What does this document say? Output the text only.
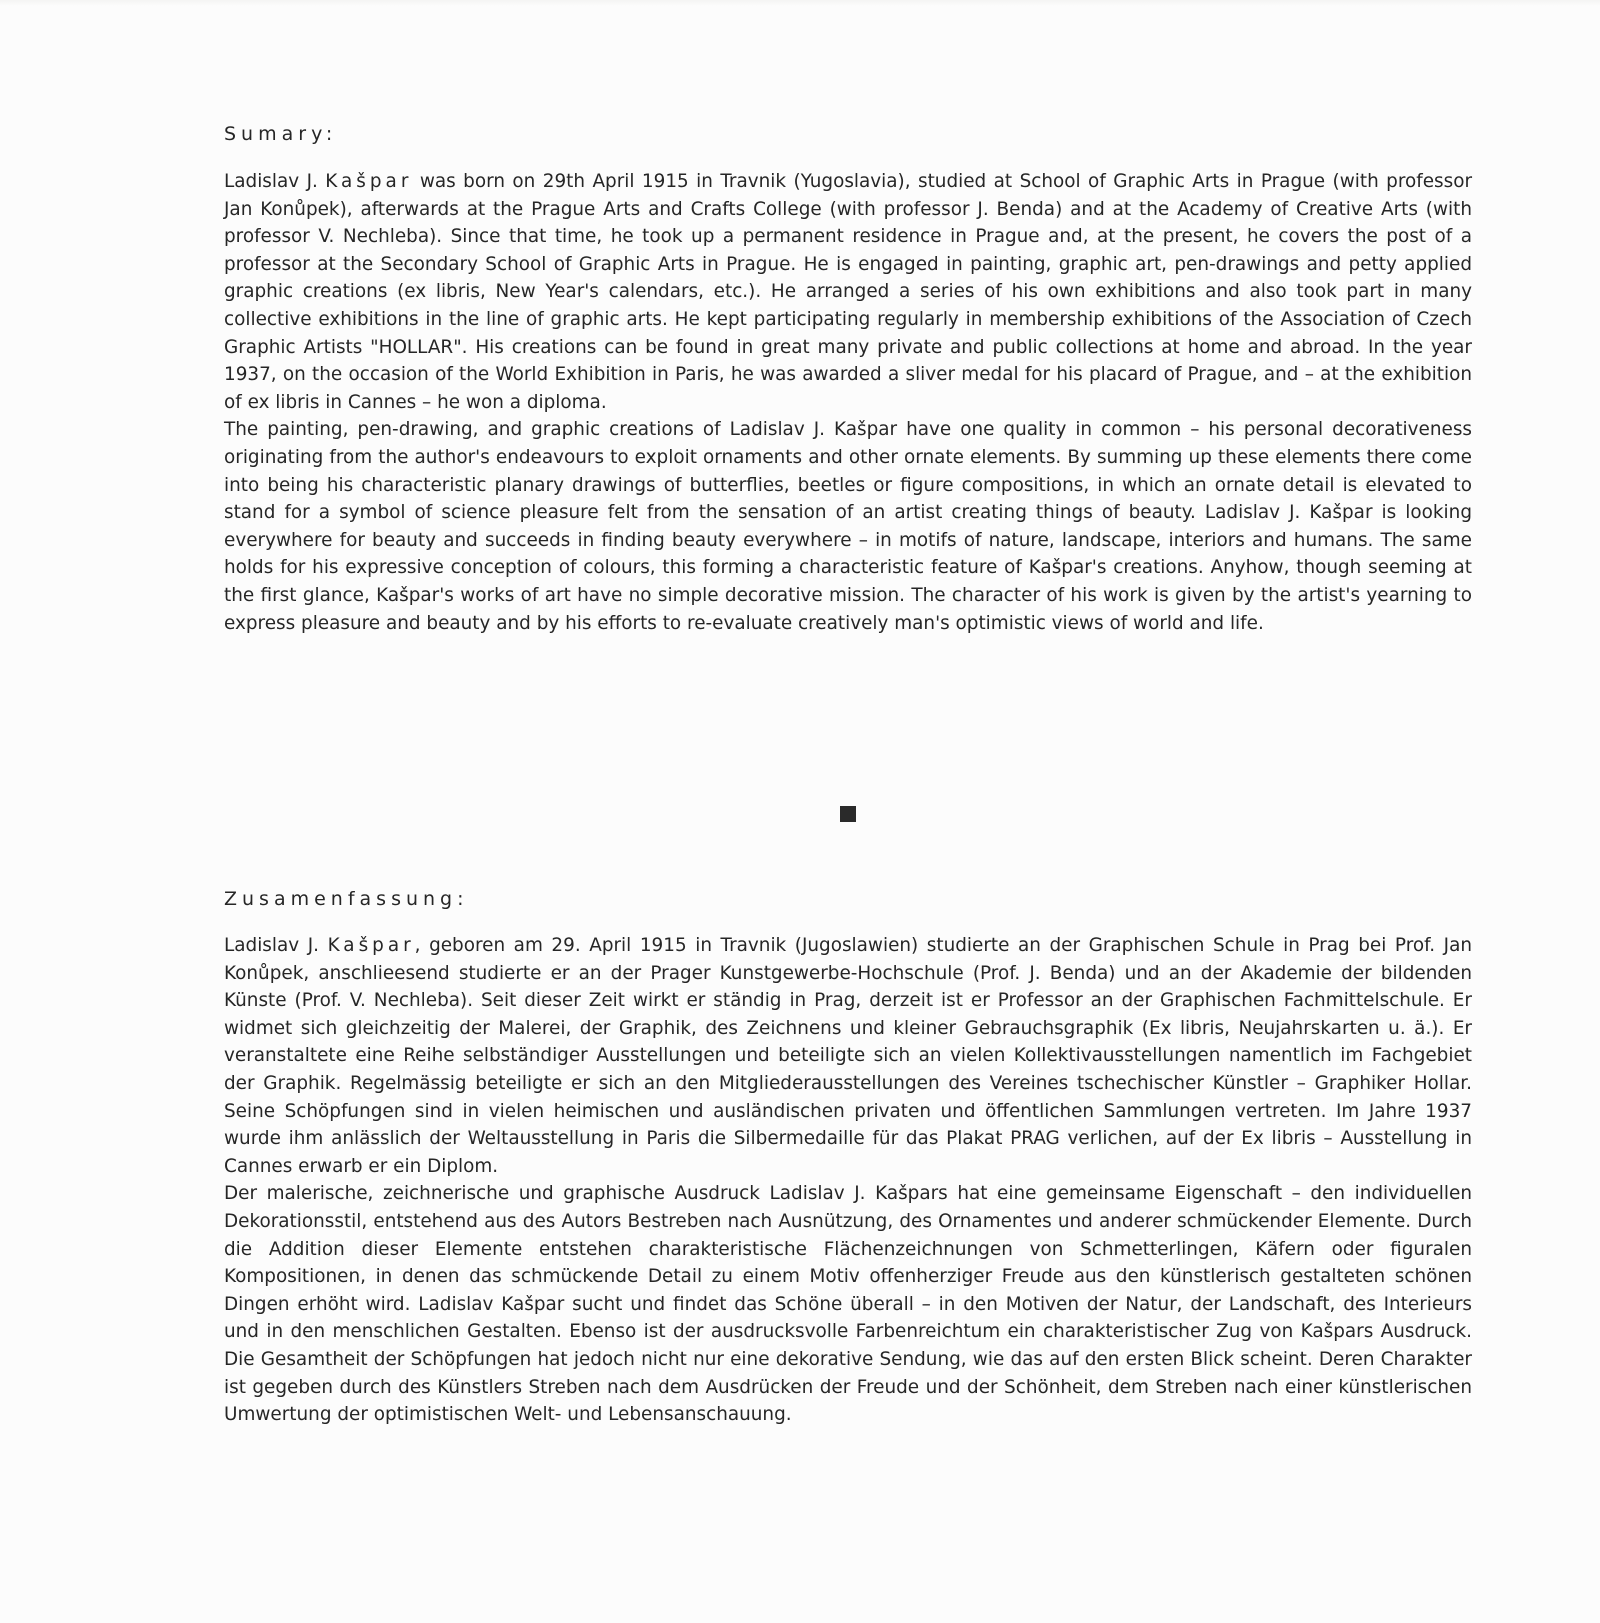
Sumary:

Ladislav J. Kašpar was born on 29th April 1915 in Travnik (Yugoslavia), studied at School of Graphic Arts in Prague (with professor Jan Konůpek), afterwards at the Prague Arts and Crafts College (with professor J. Benda) and at the Academy of Creative Arts (with professor V. Nechleba). Since that time, he took up a permanent residence in Prague and, at the present, he covers the post of a professor at the Secondary School of Graphic Arts in Prague. He is engaged in painting, graphic art, pen-drawings and petty applied graphic creations (ex libris, New Year's calendars, etc.). He arranged a series of his own exhibitions and also took part in many collective exhibitions in the line of graphic arts. He kept participating regularly in membership exhibitions of the Association of Czech Graphic Artists "HOLLAR". His creations can be found in great many private and public collections at home and abroad. In the year 1937, on the occasion of the World Exhibition in Paris, he was awarded a sliver medal for his placard of Prague, and – at the exhibition of ex libris in Cannes – he won a diploma.

The painting, pen-drawing, and graphic creations of Ladislav J. Kašpar have one quality in common – his personal decorativeness originating from the author's endeavours to exploit ornaments and other ornate elements. By summing up these elements there come into being his characteristic planary drawings of butterflies, beetles or figure compositions, in which an ornate detail is elevated to stand for a symbol of science pleasure felt from the sensation of an artist creating things of beauty. Ladislav J. Kašpar is looking everywhere for beauty and succeeds in finding beauty everywhere – in motifs of nature, landscape, interiors and humans. The same holds for his expressive conception of colours, this forming a characteristic feature of Kašpar's creations. Anyhow, though seeming at the first glance, Kašpar's works of art have no simple decorative mission. The character of his work is given by the artist's yearning to express pleasure and beauty and by his efforts to re-evaluate creatively man's optimistic views of world and life.

Zusamenfassung:

Ladislav J. Kašpar, geboren am 29. April 1915 in Travnik (Jugoslawien) studierte an der Graphischen Schule in Prag bei Prof. Jan Konůpek, anschlieesend studierte er an der Prager Kunstgewerbe-Hochschule (Prof. J. Benda) und an der Akademie der bildenden Künste (Prof. V. Nechleba). Seit dieser Zeit wirkt er ständig in Prag, derzeit ist er Professor an der Graphischen Fachmittelschule. Er widmet sich gleichzeitig der Malerei, der Graphik, des Zeichnens und kleiner Gebrauchsgraphik (Ex libris, Neujahrskarten u. ä.). Er veranstaltete eine Reihe selbständiger Ausstellungen und beteiligte sich an vielen Kollektivausstellungen namentlich im Fachgebiet der Graphik. Regelmässig beteiligte er sich an den Mitgliederausstellungen des Vereines tschechischer Künstler – Graphiker Hollar. Seine Schöpfungen sind in vielen heimischen und ausländischen privaten und öffentlichen Sammlungen vertreten. Im Jahre 1937 wurde ihm anlässlich der Weltausstellung in Paris die Silbermedaille für das Plakat PRAG verlichen, auf der Ex libris – Ausstellung in Cannes erwarb er ein Diplom.

Der malerische, zeichnerische und graphische Ausdruck Ladislav J. Kašpars hat eine gemeinsame Eigenschaft – den individuellen Dekorationsstil, entstehend aus des Autors Bestreben nach Ausnützung, des Ornamentes und anderer schmückender Elemente. Durch die Addition dieser Elemente entstehen charakteristische Flächenzeichnungen von Schmetterlingen, Käfern oder figuralen Kompositionen, in denen das schmückende Detail zu einem Motiv offenherziger Freude aus den künstlerisch gestalteten schönen Dingen erhöht wird. Ladislav Kašpar sucht und findet das Schöne überall – in den Motiven der Natur, der Landschaft, des Interieurs und in den menschlichen Gestalten. Ebenso ist der ausdrucksvolle Farbenreichtum ein charakteristischer Zug von Kašpars Ausdruck. Die Gesamtheit der Schöpfungen hat jedoch nicht nur eine dekorative Sendung, wie das auf den ersten Blick scheint. Deren Charakter ist gegeben durch des Künstlers Streben nach dem Ausdrücken der Freude und der Schönheit, dem Streben nach einer künstlerischen Umwertung der optimistischen Welt- und Lebensanschauung.
